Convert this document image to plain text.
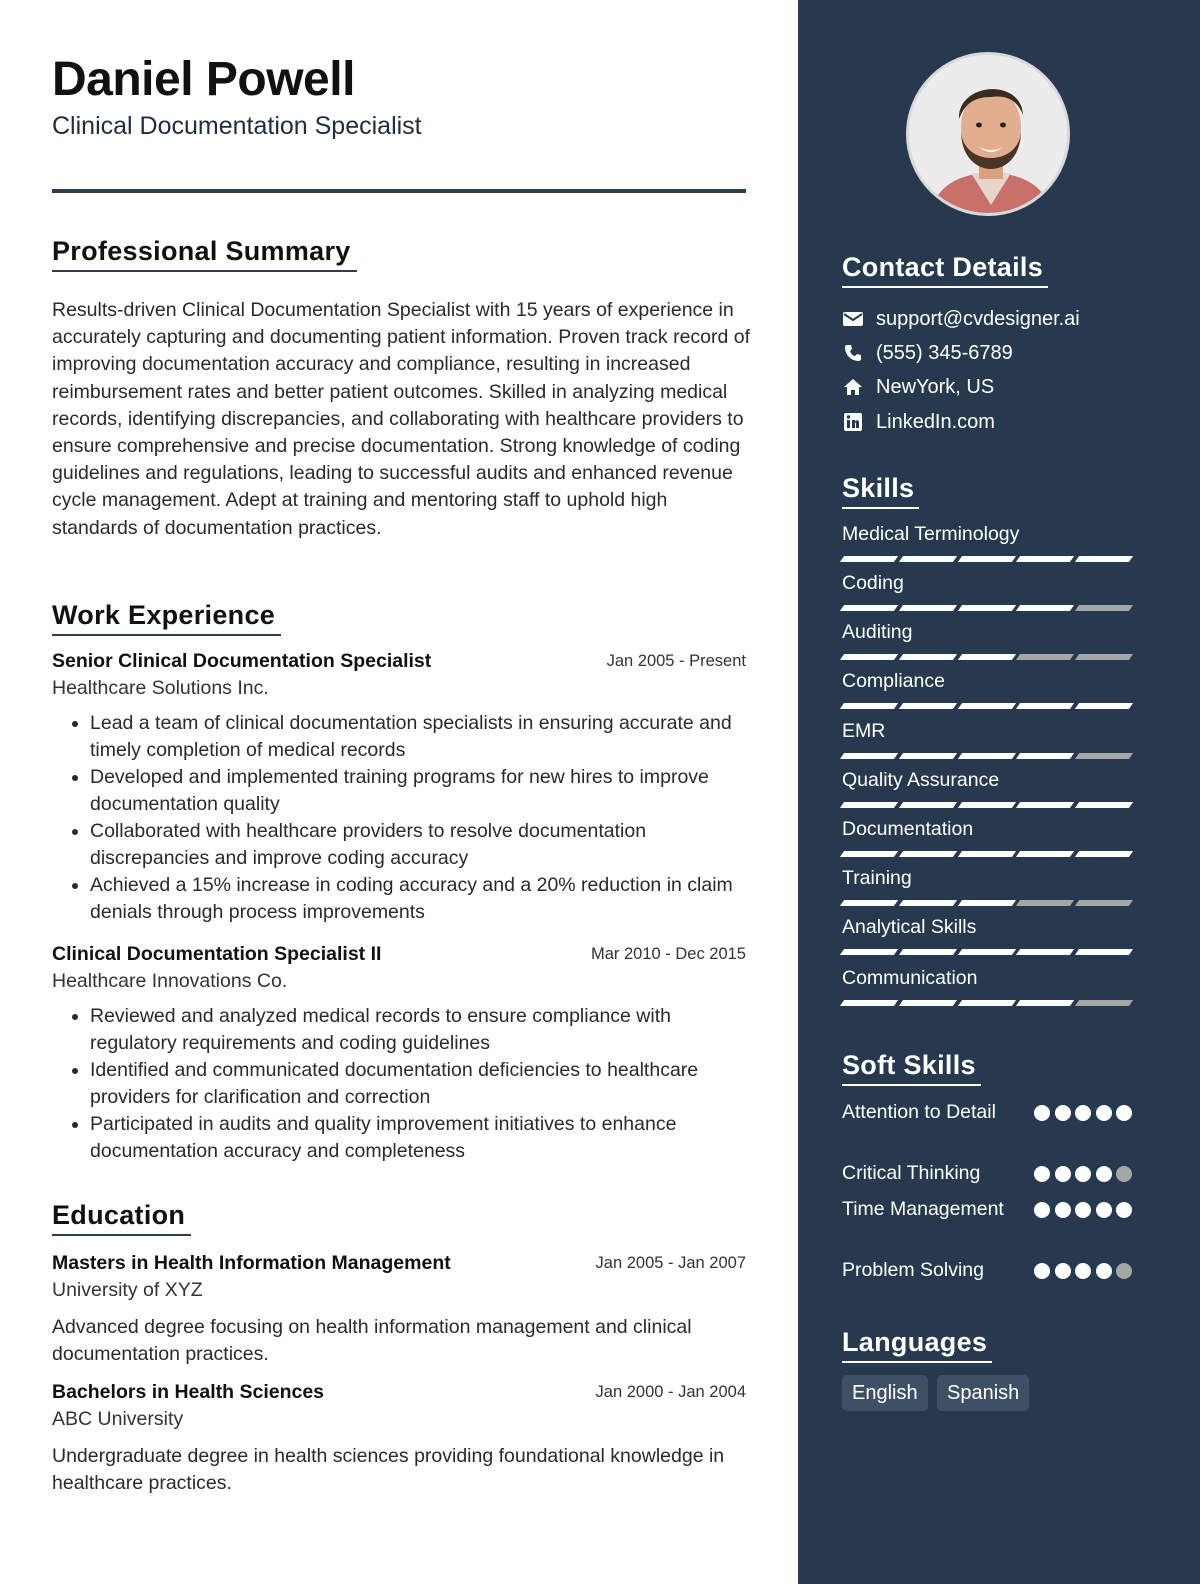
Daniel Powell
Clinical Documentation Specialist
Professional Summary
Results-driven Clinical Documentation Specialist with 15 years of experience in accurately capturing and documenting patient information. Proven track record of improving documentation accuracy and compliance, resulting in increased reimbursement rates and better patient outcomes. Skilled in analyzing medical records, identifying discrepancies, and collaborating with healthcare providers to ensure comprehensive and precise documentation. Strong knowledge of coding guidelines and regulations, leading to successful audits and enhanced revenue cycle management. Adept at training and mentoring staff to uphold high standards of documentation practices.
Work Experience
Senior Clinical Documentation Specialist	Jan 2005 - Present
Healthcare Solutions Inc.
• Lead a team of clinical documentation specialists in ensuring accurate and timely completion of medical records
• Developed and implemented training programs for new hires to improve documentation quality
• Collaborated with healthcare providers to resolve documentation discrepancies and improve coding accuracy
• Achieved a 15% increase in coding accuracy and a 20% reduction in claim denials through process improvements
Clinical Documentation Specialist II	Mar 2010 - Dec 2015
Healthcare Innovations Co.
• Reviewed and analyzed medical records to ensure compliance with regulatory requirements and coding guidelines
• Identified and communicated documentation deficiencies to healthcare providers for clarification and correction
• Participated in audits and quality improvement initiatives to enhance documentation accuracy and completeness
Education
Masters in Health Information Management	Jan 2005 - Jan 2007
University of XYZ
Advanced degree focusing on health information management and clinical documentation practices.
Bachelors in Health Sciences	Jan 2000 - Jan 2004
ABC University
Undergraduate degree in health sciences providing foundational knowledge in healthcare practices.
Contact Details
support@cvdesigner.ai
(555) 345-6789
NewYork, US
LinkedIn.com
Skills
Medical Terminology
Coding
Auditing
Compliance
EMR
Quality Assurance
Documentation
Training
Analytical Skills
Communication
Soft Skills
Attention to Detail
Critical Thinking
Time Management
Problem Solving
Languages
English	Spanish
